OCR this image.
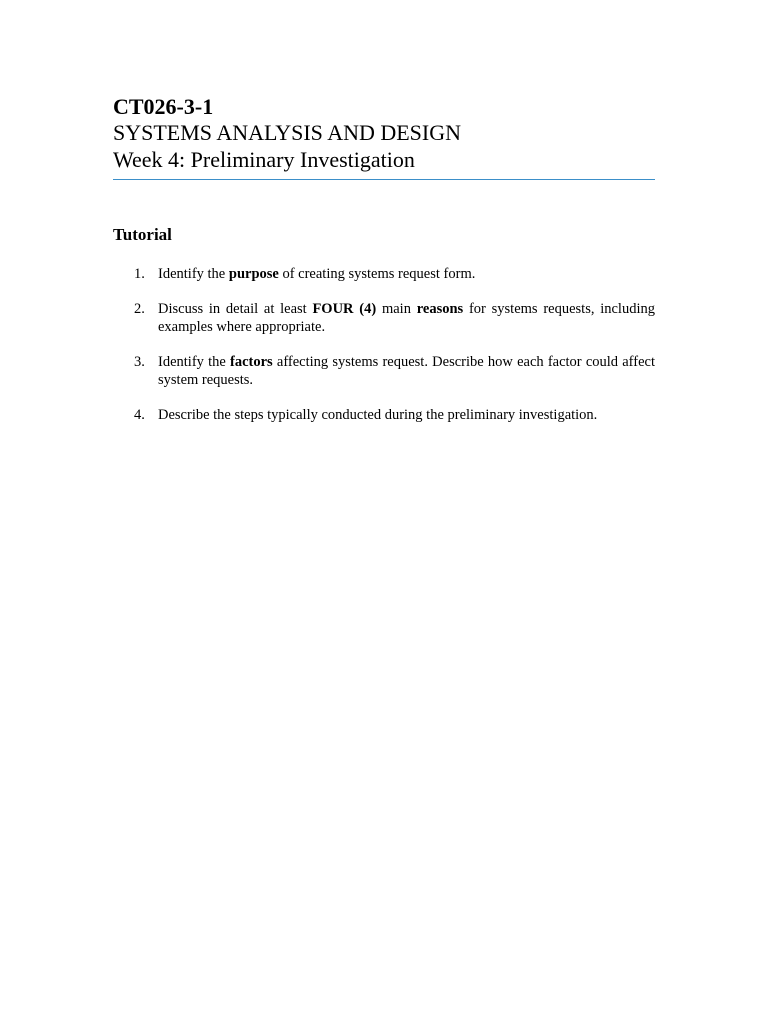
CT026-3-1
SYSTEMS ANALYSIS AND DESIGN
Week 4: Preliminary Investigation
Tutorial
1. Identify the purpose of creating systems request form.
2. Discuss in detail at least FOUR (4) main reasons for systems requests, including examples where appropriate.
3. Identify the factors affecting systems request. Describe how each factor could affect system requests.
4. Describe the steps typically conducted during the preliminary investigation.
